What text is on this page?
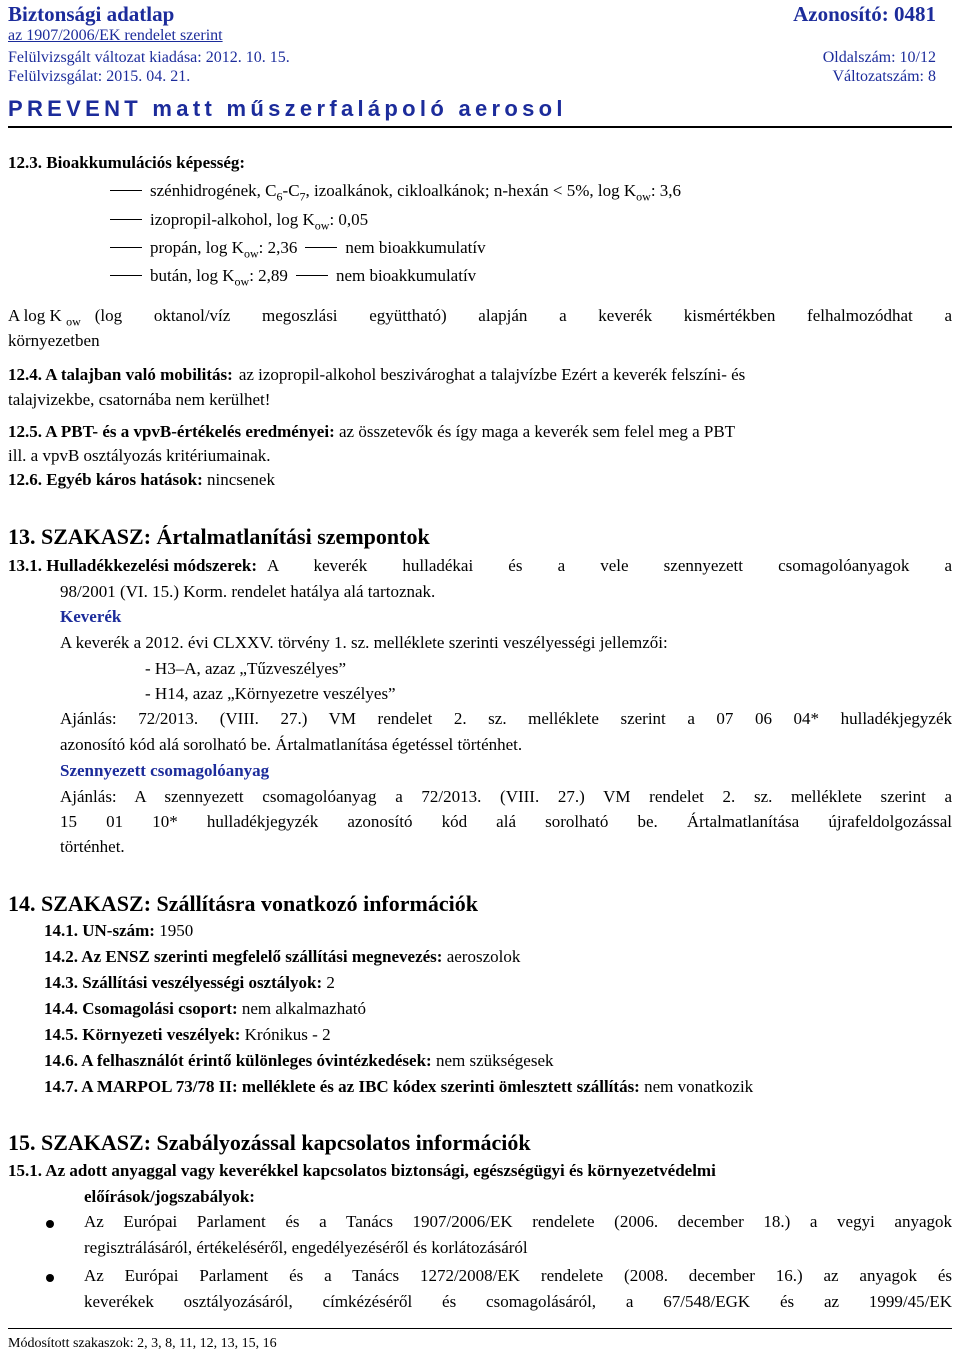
Biztonsági adatlap	Azonosító: 0481
az 1907/2006/EK rendelet szerint
Felülvizsgált változat kiadása: 2012. 10. 15.
Felülvizsgálat: 2015. 04. 21.
Oldalszám: 10/12
Változatszám: 8
PREVENT matt műszerfalápoló aerosol
12.3. Bioakkumulációs képesség:
szénhidrogének, $C_6-C_7$, izoalkánok, cikloalkánok; n-hexán < 5%, $\log K_{ow}$: 3,6
izopropil-alkohol, $\log K_{ow}$: 0,05
propán, $\log K_{ow}$: 2,36	nem bioakkumulatív
bután, $\log K_{ow}$: 2,89	nem bioakkumulatív
A log K $_{ow}$ (log oktanol/víz megoszlási együttható) alapján a keverék kismértékben felhalmozódhat a
környezetben
12.4. A talajban való mobilitás: az izopropil-alkohol beszivároghat a talajvízbe Ezért a keverék felszíni- és
talajvizekbe, csatornába nem kerülhet!
12.5. A PBT- és a vpvB-értékelés eredményei: az összetevők és így maga a keverék sem felel meg a PBT
ill. a vpvB osztályozás kritériumainak.
12.6. Egyéb káros hatások: nincsenek
13. SZAKASZ: Ártalmatlanítási szempontok
13.1. Hulladékkezelési módszerek: A keverék hulladékai és a vele szennyezett csomagolóanyagok a
98/2001 (VI. 15.) Korm. rendelet hatálya alá tartoznak.
Keverék
A keverék a 2012. évi CLXXV. törvény 1. sz. melléklete szerinti veszélyességi jellemzői:
- H3–A, azaz „Tűzveszélyes”
- H14, azaz „Környezetre veszélyes”
Ajánlás: 72/2013. (VIII. 27.) VM rendelet 2. sz. melléklete szerint a 07 06 04* hulladékjegyzék
azonosító kód alá sorolható be. Ártalmatlanítása égetéssel történhet.
Szennyezett csomagolóanyag
Ajánlás: A szennyezett csomagolóanyag a 72/2013. (VIII. 27.) VM rendelet 2. sz. melléklete szerint a
15 01 10* hulladékjegyzék azonosító kód alá sorolható be. Ártalmatlanítása újrafeldolgozással
történhet.
14. SZAKASZ: Szállításra vonatkozó információk
14.1. UN-szám: 1950
14.2. Az ENSZ szerinti megfelelő szállítási megnevezés: aeroszolok
14.3. Szállítási veszélyességi osztályok: 2
14.4. Csomagolási csoport: nem alkalmazható
14.5. Környezeti veszélyek: Krónikus - 2
14.6. A felhasználót érintő különleges óvintézkedések: nem szükségesek
14.7. A MARPOL 73/78 II: melléklete és az IBC kódex szerinti ömlesztett szállítás: nem vonatkozik
15. SZAKASZ: Szabályozással kapcsolatos információk
15.1. Az adott anyaggal vagy keverékkel kapcsolatos biztonsági, egészségügyi és környezetvédelmi
előírások/jogszabályok:
Az Európai Parlament és a Tanács 1907/2006/EK rendelete (2006. december 18.) a vegyi anyagok
regisztrálásáról, értékeléséről, engedélyezéséről és korlátozásáról
Az Európai Parlament és a Tanács 1272/2008/EK rendelete (2008. december 16.) az anyagok és
keverékek osztályozásáról, címkézéséről és csomagolásáról, a 67/548/EGK és az 1999/45/EK
Módosított szakaszok: 2, 3, 8, 11, 12, 13, 15, 16
